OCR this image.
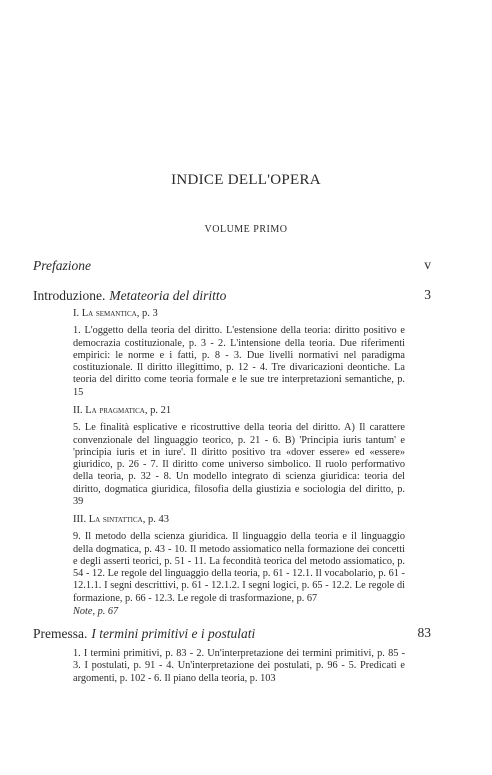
INDICE DELL'OPERA
VOLUME PRIMO
Prefazione	v
Introduzione. Metateoria del diritto	3
I. La semantica, p. 3

1. L'oggetto della teoria del diritto. L'estensione della teoria: diritto positivo e democrazia costituzionale, p. 3 - 2. L'intensione della teoria. Due riferimenti empirici: le norme e i fatti, p. 8 - 3. Due livelli normativi nel paradigma costituzionale. Il diritto illegittimo, p. 12 - 4. Tre divaricazioni deontiche. La teoria del diritto come teoria formale e le sue tre interpretazioni semantiche, p. 15

II. La pragmatica, p. 21

5. Le finalità esplicative e ricostruttive della teoria del diritto. A) Il carattere convenzionale del linguaggio teorico, p. 21 - 6. B) 'Principia iuris tantum' e 'principia iuris et in iure'. Il diritto positivo tra «dover essere» ed «essere» giuridico, p. 26 - 7. Il diritto come universo simbolico. Il ruolo performativo della teoria, p. 32 - 8. Un modello integrato di scienza giuridica: teoria del diritto, dogmatica giuridica, filosofia della giustizia e sociologia del diritto, p. 39

III. La sintattica, p. 43

9. Il metodo della scienza giuridica. Il linguaggio della teoria e il linguaggio della dogmatica, p. 43 - 10. Il metodo assiomatico nella formazione dei concetti e degli asserti teorici, p. 51 - 11. La fecondità teorica del metodo assiomatico, p. 54 - 12. Le regole del linguaggio della teoria, p. 61 - 12.1. Il vocabolario, p. 61 - 12.1.1. I segni descrittivi, p. 61 - 12.1.2. I segni logici, p. 65 - 12.2. Le regole di formazione, p. 66 - 12.3. Le regole di trasformazione, p. 67

Note, p. 67

Premessa. I termini primitivi e i postulati	83

1. I termini primitivi, p. 83 - 2. Un'interpretazione dei termini primitivi, p. 85 - 3. I postulati, p. 91 - 4. Un'interpretazione dei postulati, p. 96 - 5. Predicati e argomenti, p. 102 - 6. Il piano della teoria, p. 103
